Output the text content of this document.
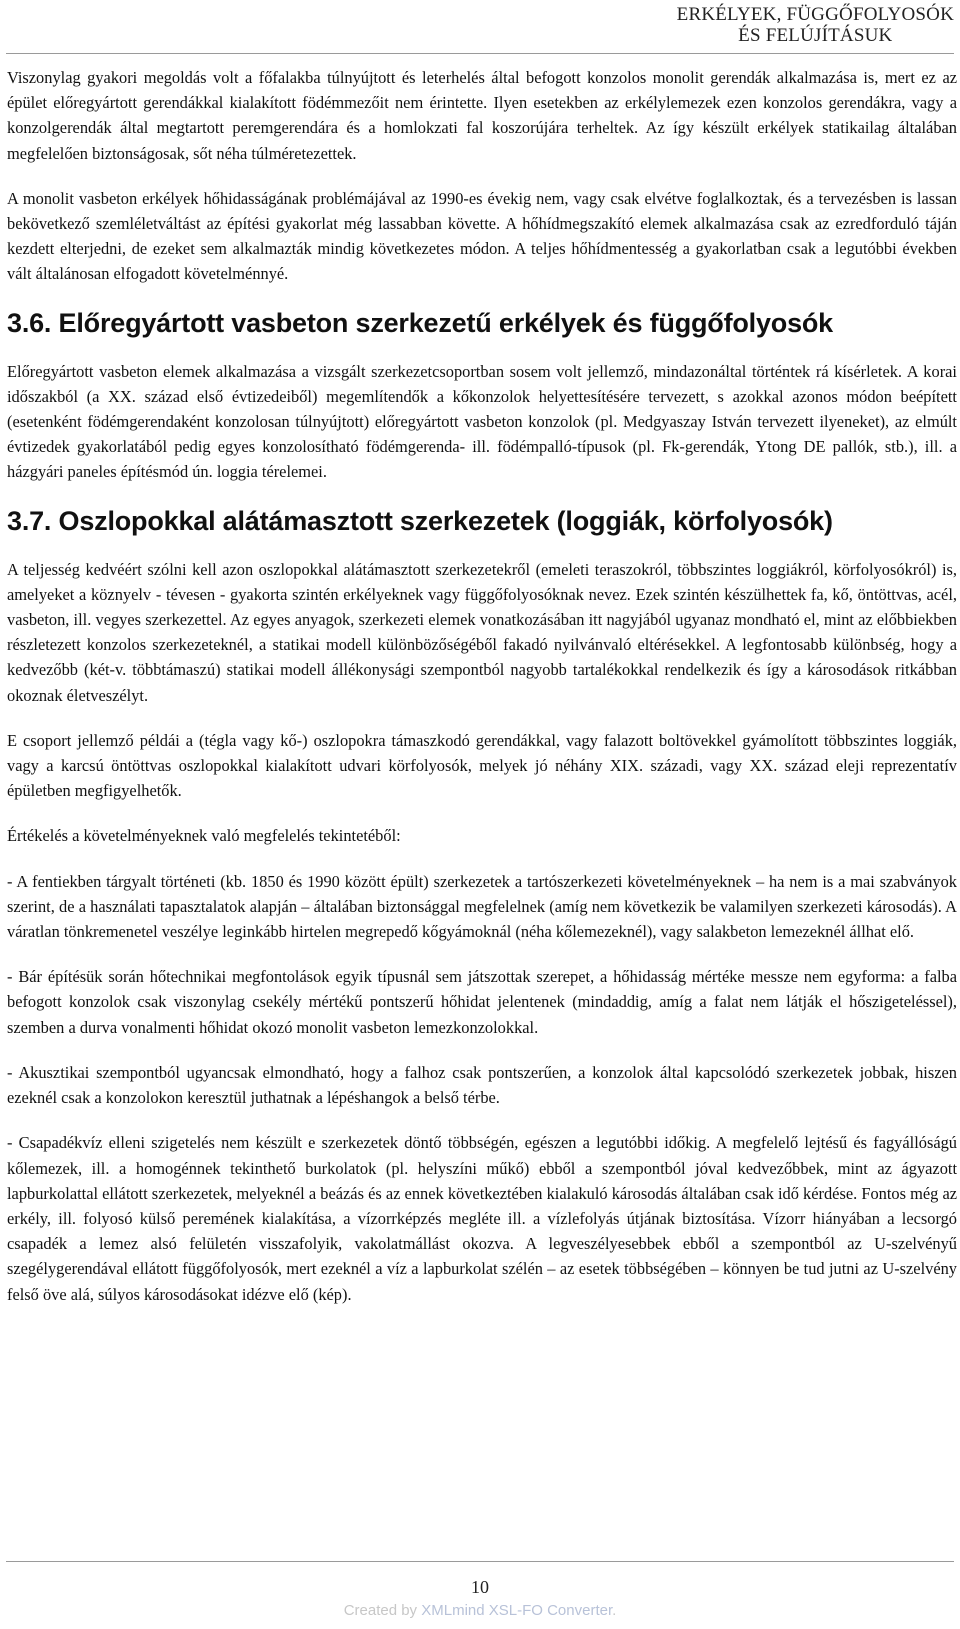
ERKÉLYEK, FÜGGŐFOLYOSÓK
ÉS FELÚJÍTÁSUK

Viszonylag gyakori megoldás volt a főfalakba túlnyújtott és leterhelés által befogott konzolos monolit gerendák alkalmazása is, mert ez az épület előregyártott gerendákkal kialakított födémmezőit nem érintette. Ilyen esetekben az erkélylemezek ezen konzolos gerendákra, vagy a konzolgerendák által megtartott peremgerendára és a homlokzati fal koszorújára terheltek. Az így készült erkélyek statikailag általában megfelelően biztonságosak, sőt néha túlméretezettek.

A monolit vasbeton erkélyek hőhidasságának problémájával az 1990-es évekig nem, vagy csak elvétve foglalkoztak, és a tervezésben is lassan bekövetkező szemléletváltást az építési gyakorlat még lassabban követte. A hőhídmegszakító elemek alkalmazása csak az ezredforduló táján kezdett elterjedni, de ezeket sem alkalmazták mindig következetes módon. A teljes hőhídmentesség a gyakorlatban csak a legutóbbi években vált általánosan elfogadott követelménnyé.

3.6. Előregyártott vasbeton szerkezetű erkélyek és függőfolyosók

Előregyártott vasbeton elemek alkalmazása a vizsgált szerkezetcsoportban sosem volt jellemző, mindazonáltal történtek rá kísérletek. A korai időszakból (a XX. század első évtizedeiből) megemlítendők a kőkonzolok helyettesítésére tervezett, s azokkal azonos módon beépített (esetenként födémgerendaként konzolosan túlnyújtott) előregyártott vasbeton konzolok (pl. Medgyaszay István tervezett ilyeneket), az elmúlt évtizedek gyakorlatából pedig egyes konzolosítható födémgerenda- ill. födémpalló-típusok (pl. Fk-gerendák, Ytong DE pallók, stb.), ill. a házgyári paneles építésmód ún. loggia térelemei.

3.7. Oszlopokkal alátámasztott szerkezetek (loggiák, körfolyosók)

A teljesség kedvéért szólni kell azon oszlopokkal alátámasztott szerkezetekről (emeleti teraszokról, többszintes loggiákról, körfolyosókról) is, amelyeket a köznyelv - tévesen - gyakorta szintén erkélyeknek vagy függőfolyosóknak nevez. Ezek szintén készülhettek fa, kő, öntöttvas, acél, vasbeton, ill. vegyes szerkezettel. Az egyes anyagok, szerkezeti elemek vonatkozásában itt nagyjából ugyanaz mondható el, mint az előbbiekben részletezett konzolos szerkezeteknél, a statikai modell különbözőségéből fakadó nyilvánvaló eltérésekkel. A legfontosabb különbség, hogy a kedvezőbb (két-v. többtámaszú) statikai modell állékonysági szempontból nagyobb tartalékokkal rendelkezik és így a károsodások ritkábban okoznak életveszélyt.

E csoport jellemző példái a (tégla vagy kő-) oszlopokra támaszkodó gerendákkal, vagy falazott boltövekkel gyámolított többszintes loggiák, vagy a karcsú öntöttvas oszlopokkal kialakított udvari körfolyosók, melyek jó néhány XIX. századi, vagy XX. század eleji reprezentatív épületben megfigyelhetők.

Értékelés a követelményeknek való megfelelés tekintetéből:

- A fentiekben tárgyalt történeti (kb. 1850 és 1990 között épült) szerkezetek a tartószerkezeti követelményeknek – ha nem is a mai szabványok szerint, de a használati tapasztalatok alapján – általában biztonsággal megfelelnek (amíg nem következik be valamilyen szerkezeti károsodás). A váratlan tönkremenetel veszélye leginkább hirtelen megrepedő kőgyámoknál (néha kőlemezeknél), vagy salakbeton lemezeknél állhat elő.

- Bár építésük során hőtechnikai megfontolások egyik típusnál sem játszottak szerepet, a hőhidasság mértéke messze nem egyforma: a falba befogott konzolok csak viszonylag csekély mértékű pontszerű hőhidat jelentenek (mindaddig, amíg a falat nem látják el hőszigeteléssel), szemben a durva vonalmenti hőhidat okozó monolit vasbeton lemezkonzolokkal.

- Akusztikai szempontból ugyancsak elmondható, hogy a falhoz csak pontszerűen, a konzolok által kapcsolódó szerkezetek jobbak, hiszen ezeknél csak a konzolokon keresztül juthatnak a lépéshangok a belső térbe.

- Csapadékvíz elleni szigetelés nem készült e szerkezetek döntő többségén, egészen a legutóbbi időkig. A megfelelő lejtésű és fagyállóságú kőlemezek, ill. a homogénnek tekinthető burkolatok (pl. helyszíni műkő) ebből a szempontból jóval kedvezőbbek, mint az ágyazott lapburkolattal ellátott szerkezetek, melyeknél a beázás és az ennek következtében kialakuló károsodás általában csak idő kérdése. Fontos még az erkély, ill. folyosó külső peremének kialakítása, a vízorrképzés megléte ill. a vízlefolyás útjának biztosítása. Vízorr hiányában a lecsorgó csapadék a lemez alsó felületén visszafolyik, vakolatmállást okozva. A legveszélyesebbek ebből a szempontból az U-szelvényű szegélygerendával ellátott függőfolyosók, mert ezeknél a víz a lapburkolat szélén – az esetek többségében – könnyen be tud jutni az U-szelvény felső öve alá, súlyos károsodásokat idézve elő (kép).

10
Created by XMLmind XSL-FO Converter.
